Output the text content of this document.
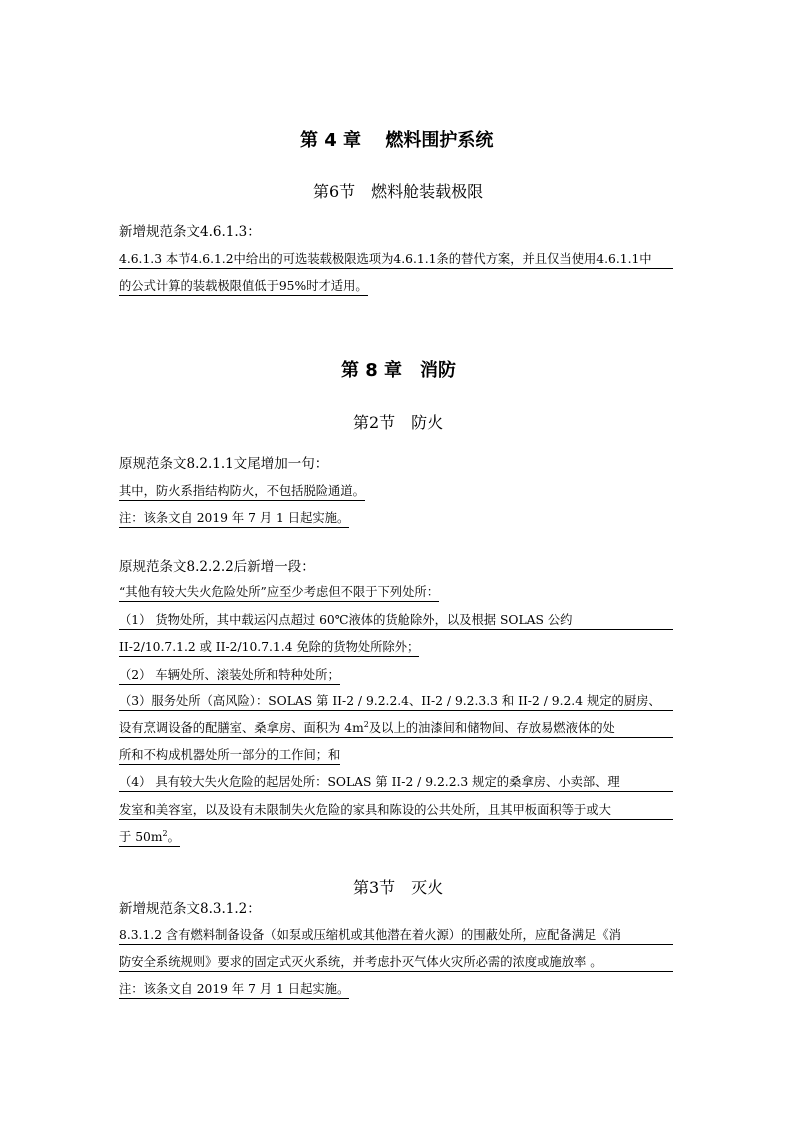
第 4 章　 燃料围护系统
第6节　燃料舱装载极限
新增规范条文4.6.1.3：
4.6.1.3 本节4.6.1.2中给出的可选装载极限选项为4.6.1.1条的替代方案，并且仅当使用4.6.1.1中
的公式计算的装载极限值低于95%时才适用。
第 8 章　消防
第2节　防火
原规范条文8.2.1.1文尾增加一句：
其中，防火系指结构防火，不包括脱险通道。
注：该条文自 2019 年 7 月 1 日起实施。
原规范条文8.2.2.2后新增一段：
“其他有较大失火危险处所”应至少考虑但不限于下列处所：
（1） 货物处所，其中载运闪点超过 60℃液体的货舱除外，以及根据 SOLAS 公约
II-2/10.7.1.2 或 II-2/10.7.1.4 免除的货物处所除外；
（2） 车辆处所、滚装处所和特种处所；
（3）服务处所（高风险）：SOLAS 第 II-2 / 9.2.2.4、II-2 / 9.2.3.3 和 II-2 / 9.2.4 规定的厨房、
设有烹调设备的配膳室、桑拿房、面积为 $4m^2$及以上的油漆间和储物间、存放易燃液体的处
所和不构成机器处所一部分的工作间；和
（4） 具有较大失火危险的起居处所：SOLAS 第 II-2 / 9.2.2.3 规定的桑拿房、小卖部、理
发室和美容室，以及设有未限制失火危险的家具和陈设的公共处所，且其甲板面积等于或大
于 $50m^2$。
第3节　灭火
新增规范条文8.3.1.2：
8.3.1.2 含有燃料制备设备（如泵或压缩机或其他潜在着火源）的围蔽处所，应配备满足《消
防安全系统规则》要求的固定式灭火系统，并考虑扑灭气体火灾所必需的浓度或施放率 。
注：该条文自 2019 年 7 月 1 日起实施。
